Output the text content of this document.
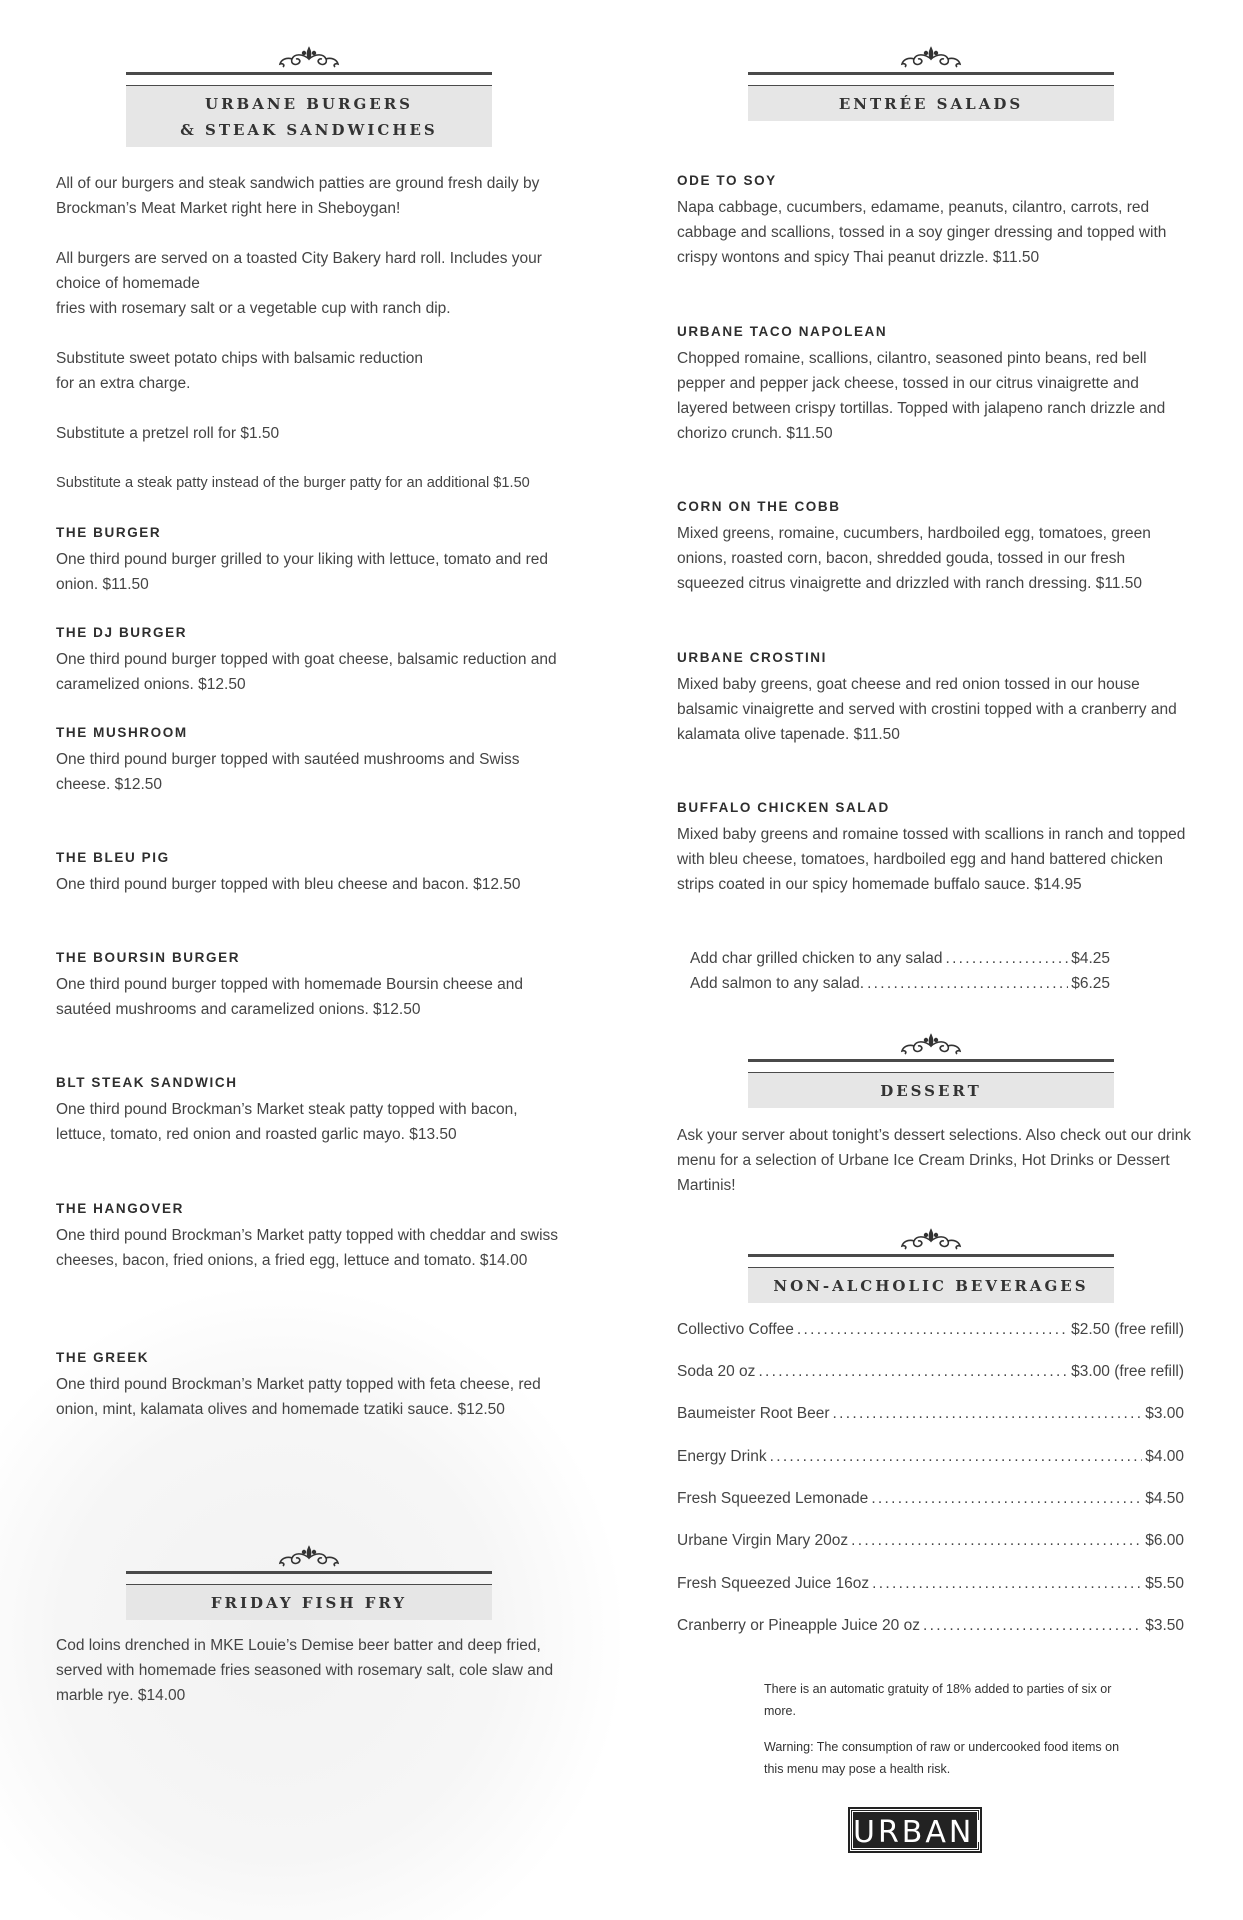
URBANE BURGERS
& STEAK SANDWICHES
All of our burgers and steak sandwich patties are ground fresh daily by Brockman’s Meat Market right here in Sheboygan!
All burgers are served on a toasted City Bakery hard roll. Includes your choice of homemade
fries with rosemary salt or a vegetable cup with ranch dip.
Substitute sweet potato chips with balsamic reduction
for an extra charge.
Substitute a pretzel roll for $1.50
Substitute a steak patty instead of the burger patty for an additional $1.50
THE BURGER
One third pound burger grilled to your liking with lettuce, tomato and red onion. $11.50
THE DJ BURGER
One third pound burger topped with goat cheese, balsamic reduction and caramelized onions. $12.50
THE MUSHROOM
One third pound burger topped with sautéed mushrooms and Swiss cheese. $12.50
THE BLEU PIG
One third pound burger topped with bleu cheese and bacon. $12.50
THE BOURSIN BURGER
One third pound burger topped with homemade Boursin cheese and sautéed mushrooms and caramelized onions. $12.50
BLT STEAK SANDWICH
One third pound Brockman’s Market steak patty topped with bacon, lettuce, tomato, red onion and roasted garlic mayo. $13.50
THE HANGOVER
One third pound Brockman’s Market patty topped with cheddar and swiss cheeses, bacon, fried onions, a fried egg, lettuce and tomato. $14.00
THE GREEK
One third pound Brockman’s Market patty topped with feta cheese, red onion, mint, kalamata olives and homemade tzatiki sauce. $12.50
FRIDAY FISH FRY
Cod loins drenched in MKE Louie’s Demise beer batter and deep fried, served with homemade fries seasoned with rosemary salt, cole slaw and marble rye. $14.00
ENTRÉE SALADS
ODE TO SOY
Napa cabbage, cucumbers, edamame, peanuts, cilantro, carrots, red cabbage and scallions, tossed in a soy ginger dressing and topped with crispy wontons and spicy Thai peanut drizzle. $11.50
URBANE TACO NAPOLEAN
Chopped romaine, scallions, cilantro, seasoned pinto beans, red bell pepper and pepper jack cheese, tossed in our citrus vinaigrette and layered between crispy tortillas. Topped with jalapeno ranch drizzle and chorizo crunch. $11.50
CORN ON THE COBB
Mixed greens, romaine, cucumbers, hardboiled egg, tomatoes, green onions, roasted corn, bacon, shredded gouda, tossed in our fresh squeezed citrus vinaigrette and drizzled with ranch dressing. $11.50
URBANE CROSTINI
Mixed baby greens, goat cheese and red onion tossed in our house balsamic vinaigrette and served with crostini topped with a cranberry and kalamata olive tapenade. $11.50
BUFFALO CHICKEN SALAD
Mixed baby greens and romaine tossed with scallions in ranch and topped with bleu cheese, tomatoes, hardboiled egg and hand battered chicken strips coated in our spicy homemade buffalo sauce. $14.95
Add char grilled chicken to any salad . . .	$4.25
Add salmon to any salad. . . .	$6.25
DESSERT
Ask your server about tonight’s dessert selections. Also check out our drink menu for a selection of Urbane Ice Cream Drinks, Hot Drinks or Dessert Martinis!
NON-ALCHOLIC BEVERAGES
Collectivo Coffee . . .	$2.50 (free refill)
Soda 20 oz . . .	$3.00 (free refill)
Baumeister Root Beer . . .	$3.00
Energy Drink . . .	$4.00
Fresh Squeezed Lemonade . . .	$4.50
Urbane Virgin Mary 20oz . . .	$6.00
Fresh Squeezed Juice 16oz . . .	$5.50
Cranberry or Pineapple Juice 20 oz . . .	$3.50
There is an automatic gratuity of 18% added to parties of six or more.
Warning: The consumption of raw or undercooked food items on this menu may pose a health risk.
URBANE
